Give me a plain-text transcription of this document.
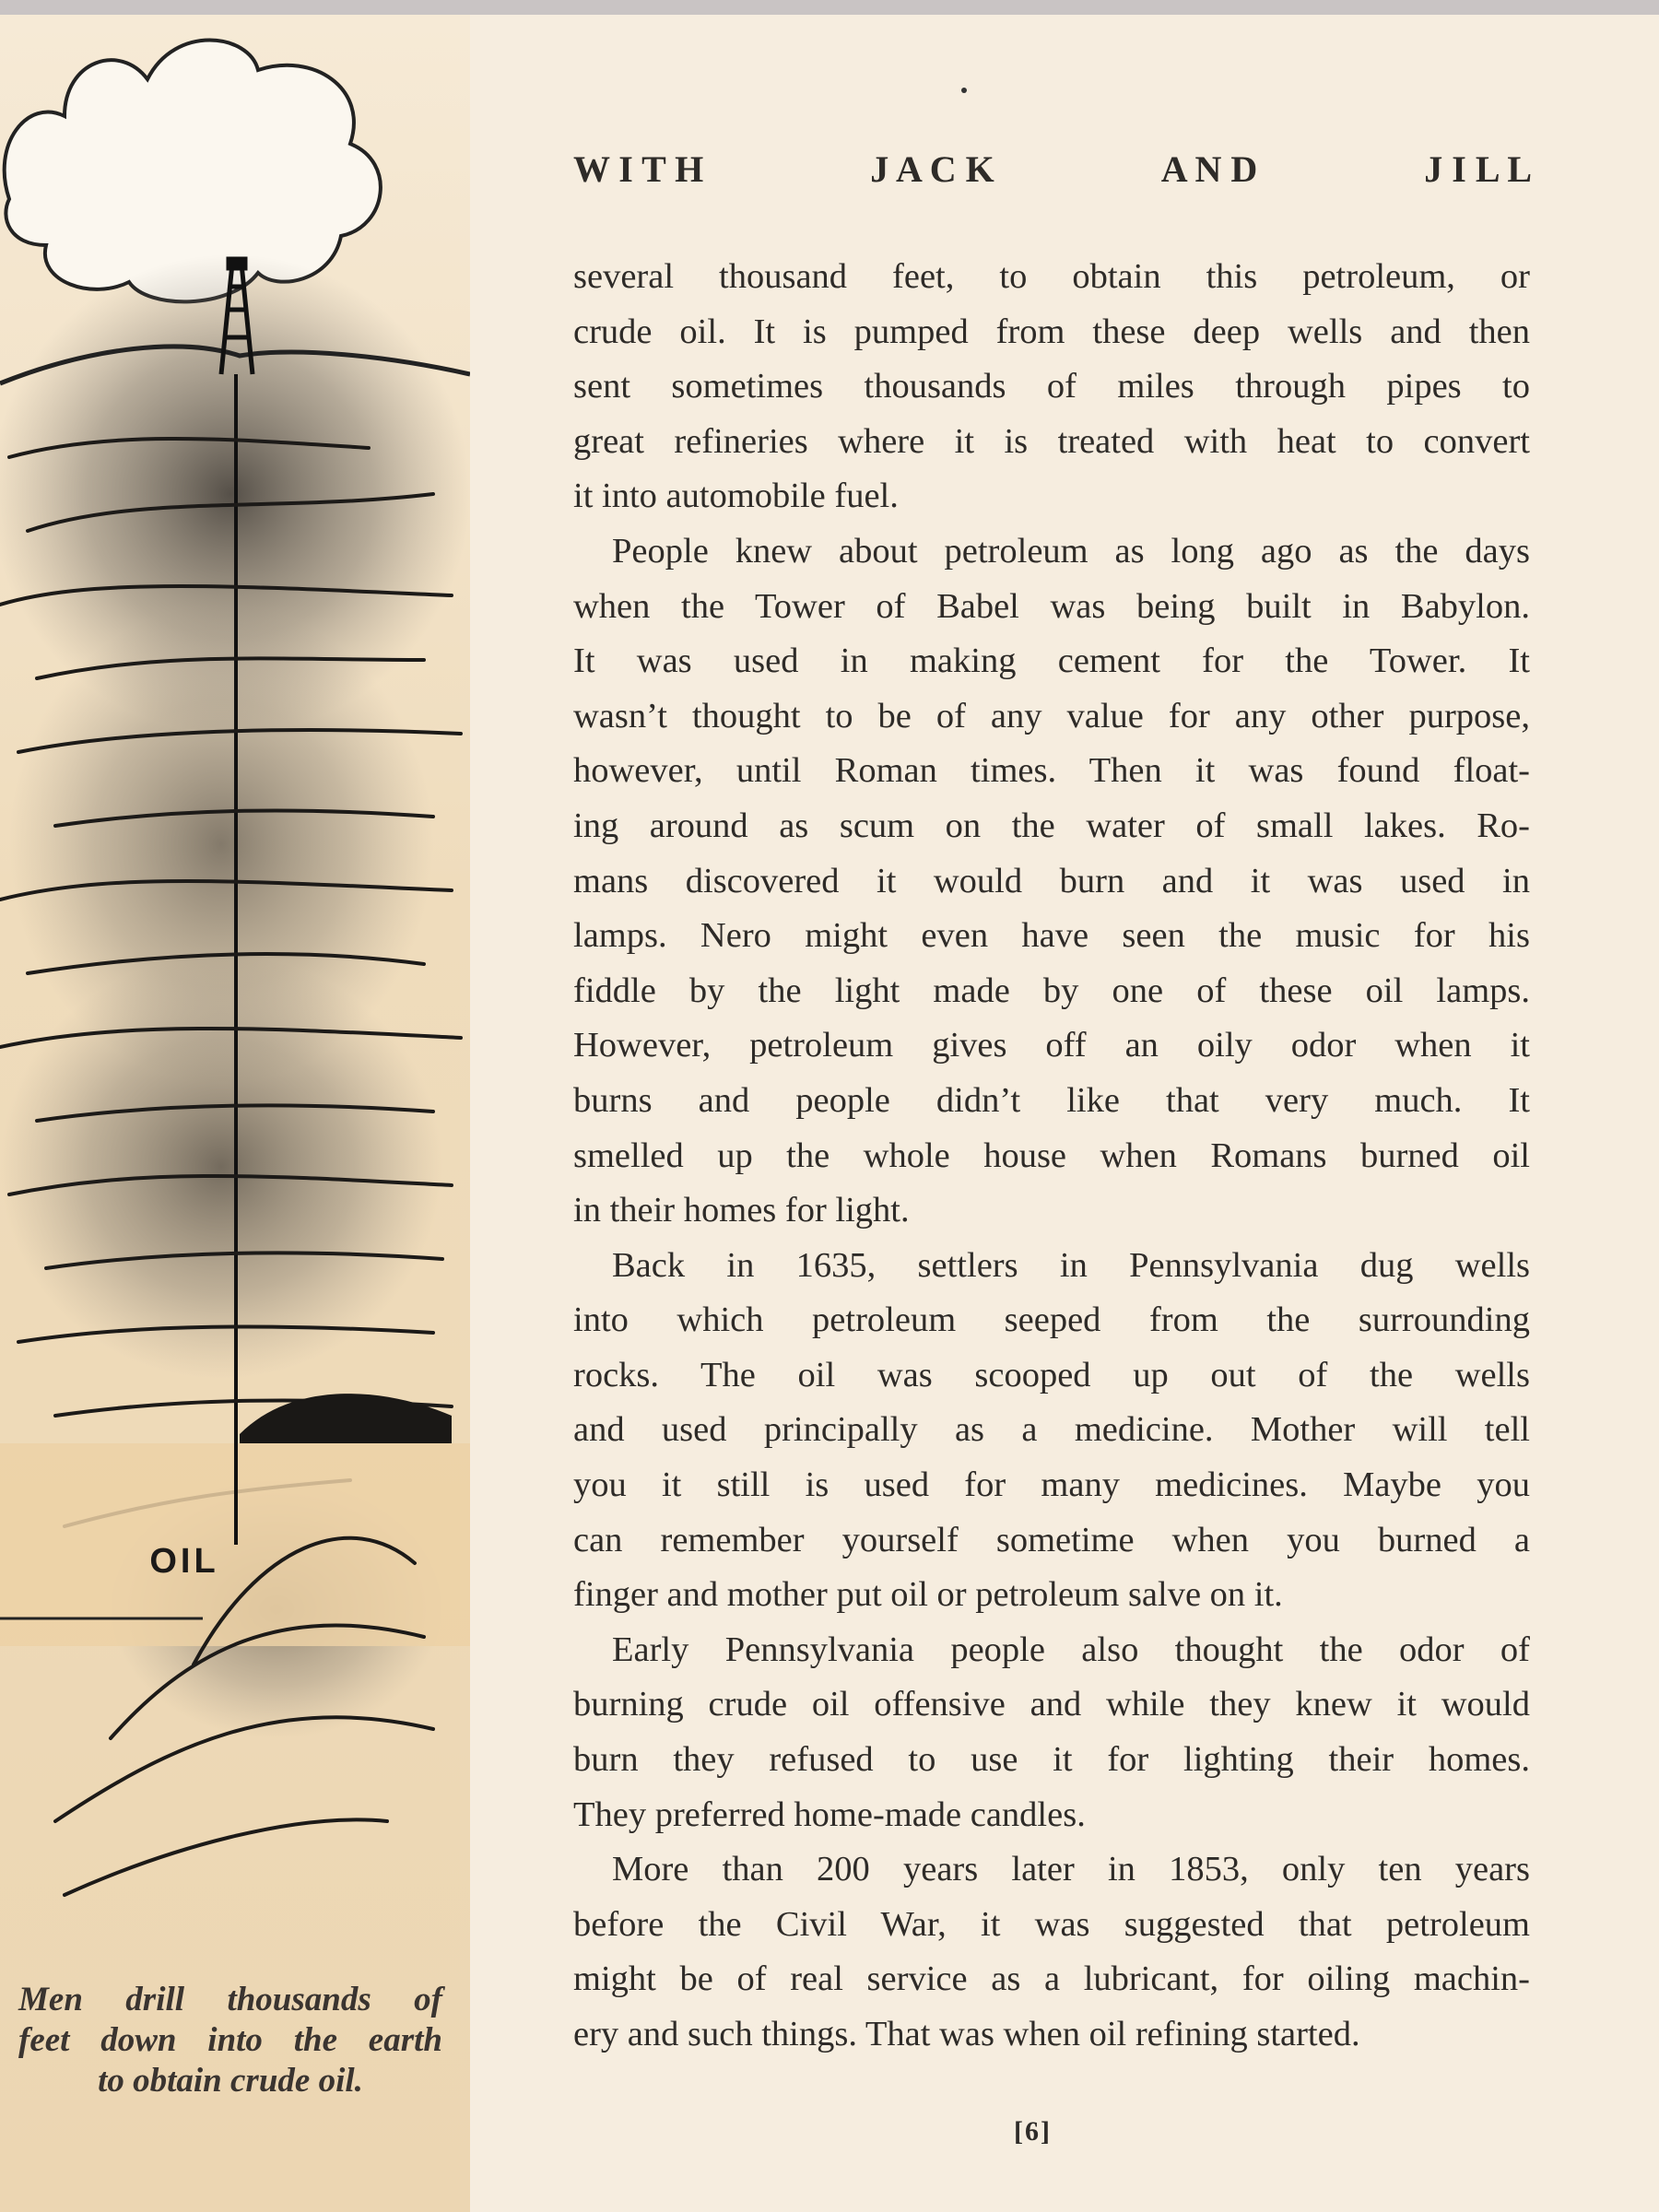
OIL
Men drill thousands of
feet down into the earth
to obtain crude oil.
W I T H	J A C K	A N D	J I L L
several thousand feet, to obtain this petroleum, or
crude oil. It is pumped from these deep wells and then
sent sometimes thousands of miles through pipes to
great refineries where it is treated with heat to convert
it into automobile fuel.
People knew about petroleum as long ago as the days
when the Tower of Babel was being built in Babylon.
It was used in making cement for the Tower. It
wasn’t thought to be of any value for any other purpose,
however, until Roman times. Then it was found float-
ing around as scum on the water of small lakes. Ro-
mans discovered it would burn and it was used in
lamps. Nero might even have seen the music for his
fiddle by the light made by one of these oil lamps.
However, petroleum gives off an oily odor when it
burns and people didn’t like that very much. It
smelled up the whole house when Romans burned oil
in their homes for light.
Back in 1635, settlers in Pennsylvania dug wells
into which petroleum seeped from the surrounding
rocks. The oil was scooped up out of the wells
and used principally as a medicine. Mother will tell
you it still is used for many medicines. Maybe you
can remember yourself sometime when you burned a
finger and mother put oil or petroleum salve on it.
Early Pennsylvania people also thought the odor of
burning crude oil offensive and while they knew it would
burn they refused to use it for lighting their homes.
They preferred home-made candles.
More than 200 years later in 1853, only ten years
before the Civil War, it was suggested that petroleum
might be of real service as a lubricant, for oiling machin-
ery and such things. That was when oil refining started.
[6]
